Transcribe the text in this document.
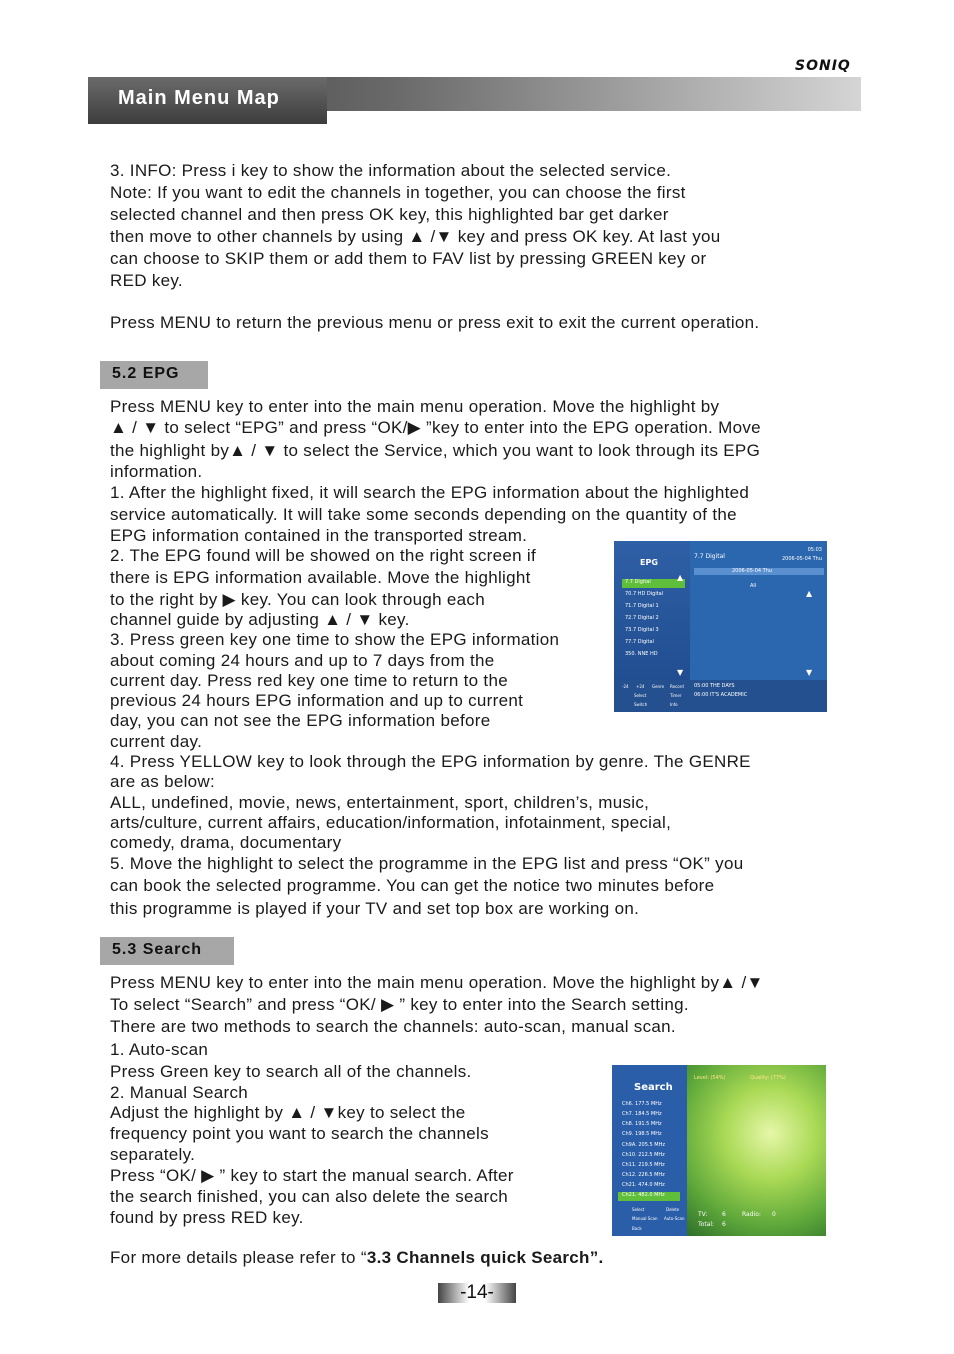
SONIQ
Main Menu Map

3. INFO: Press i key to show the information about the selected service.

Note: If you want to edit the channels in together, you can choose the first

selected channel and then press OK key, this highlighted bar get darker

then move to other channels by using ▲ /▼ key and press OK key. At last you

can choose to SKIP them or add them to FAV list by pressing GREEN key or

RED key.

Press MENU to return the previous menu or press exit to exit the current operation.

5.2 EPG

Press MENU key to enter into the main menu operation. Move the highlight by

▲ / ▼ to select “EPG” and press “OK/▶ ”key to enter into the EPG operation. Move

the highlight by▲ / ▼ to select the Service, which you want to look through its EPG

information.

1. After the highlight fixed, it will search the EPG information about the highlighted

service automatically. It will take some seconds depending on the quantity of the

EPG information contained in the transported stream.

2. The EPG found will be showed on the right screen if

there is EPG information available. Move the highlight

to the right by ▶ key. You can look through each

channel guide by adjusting ▲ / ▼ key.

3. Press green key one time to show the EPG information

about coming 24 hours and up to 7 days from the

current day. Press red key one time to return to the

previous 24 hours EPG information and up to current

day, you can not see the EPG information before

current day.

4. Press YELLOW key to look through the EPG information by genre. The GENRE

are as below:

ALL, undefined, movie, news, entertainment, sport, children’s, music,

arts/culture, current affairs, education/information, infotainment, special,

comedy, drama, documentary

5. Move the highlight to select the programme in the EPG list and press “OK” you

can book the selected programme. You can get the notice two minutes before

this programme is played if your TV and set top box are working on.

EPG
7.7 Digital
05:03
2006-05-04 Thu
2006-05-04 Thu
All
7.7 Digital
70.7 HD Digital
71.7 Digital 1
72.7 Digital 2
73.7 Digital 3
77.7 Digital
350. NNE HD
▲
▼
▲
▼
-24 +24 Genre Record
Select	Timer
Switch	Info
05:00 THE DAYS
06:00 IT'S ACADEMIC
5.3 Search

Press MENU key to enter into the main menu operation. Move the highlight by▲ /▼

To select “Search” and press “OK/ ▶ ” key to enter into the Search setting.

There are two methods to search the channels: auto-scan, manual scan.

1. Auto-scan

Press Green key to search all of the channels.

2. Manual Search

Adjust the highlight by ▲ / ▼key to select the

frequency point you want to search the channels

separately.

Press “OK/ ▶ ” key to start the manual search. After

the search finished, you can also delete the search

found by press RED key.

For more details please refer to “3.3 Channels quick Search”.

Search
Level: (54%)	Quality: (77%)
Ch6. 177.5 MHz
Ch7. 184.5 MHz
Ch8. 191.5 MHz
Ch9. 198.5 MHz
Ch9A. 205.5 MHz
Ch10. 212.5 MHz
Ch11. 219.5 MHz
Ch12. 226.5 MHz
Ch21. 474.0 MHz
Ch21. 482.0 MHz
Select	Delete
Manual Scan Auto-Scan
Back
TV: 6	Radio: 0
Total: 6
-14-
